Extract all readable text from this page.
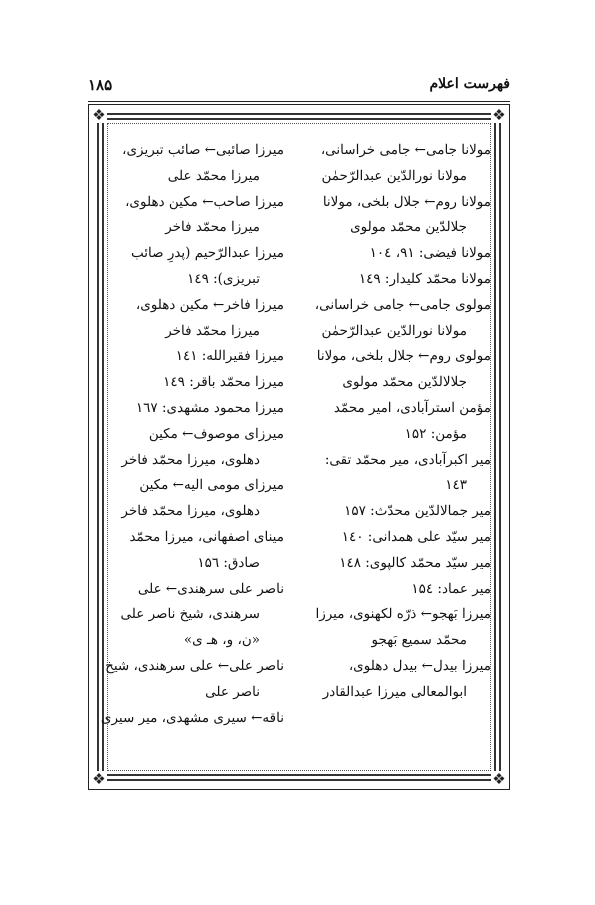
۱۸۵	فهرست اعلام
❖	❖
❖	❖
مولانا جامی← جامی خراسانی،
مولانا نورالدّین عبدالرّحمٰن
مولانا روم← جلال بلخی، مولانا
جلالدّین محمّد مولوی
مولانا فیضی: ۹۱، ۱۰٤
مولانا محمّد کلیدار: ۱٤۹
مولوی جامی← جامی خراسانی،
مولانا نورالدّین عبدالرّحمٰن
مولوی روم← جلال بلخی، مولانا
جلالالدّین محمّد مولوی
مؤمن استرآبادی، امیر محمّد
مؤمن: ۱۵۲
میر اکبرآبادی، میر محمّد تقی:
۱٤۳
میر جمالالدّین محدّث: ۱۵۷
میر سیّد علی همدانی: ۱٤۰
میر سیّد محمّد کالپوی: ۱٤۸
میر عماد: ۱۵٤
میرزا بَهجو← ذرّه لکهنوی، میرزا
محمّد سمیع بَهجو
میرزا بیدل← بیدل دهلوی،
ابوالمعالی میرزا عبدالقادر
میرزا صائبی← صائب تبریزی،
میرزا محمّد علی
میرزا صاحب← مکین دهلوی،
میرزا محمّد فاخر
میرزا عبدالرّحیم (پدرِ صائب
تبریزی): ۱٤۹
میرزا فاخر← مکین دهلوی،
میرزا محمّد فاخر
میرزا فقیرالله: ۱٤۱
میرزا محمّد باقر: ۱٤۹
میرزا محمود مشهدی: ۱٦۷
میرزای موصوف← مکین
دهلوی، میرزا محمّد فاخر
میرزای مومی الیه← مکین
دهلوی، میرزا محمّد فاخر
مینای اصفهانی، میرزا محمّد
صادق: ۱۵٦
ناصر علی سرهندی← علی
سرهندی، شیخ ناصر علی
«ن، و، هـ ی»
ناصر علی← علی سرهندی، شیخ
ناصر علی
ناقه← سیری مشهدی، میر سیری
